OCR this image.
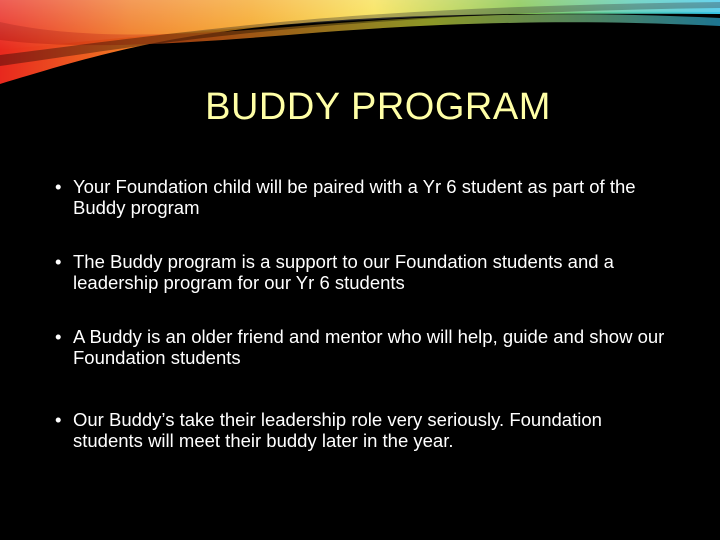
BUDDY PROGRAM
• Your Foundation child will be paired with a Yr 6 student as part of the Buddy program
• The Buddy program is a support to our Foundation students and a leadership program for our Yr 6 students
• A Buddy is an older friend and mentor who will help, guide and show our Foundation students
• Our Buddy’s take their leadership role very seriously. Foundation students will meet their buddy later in the year.
